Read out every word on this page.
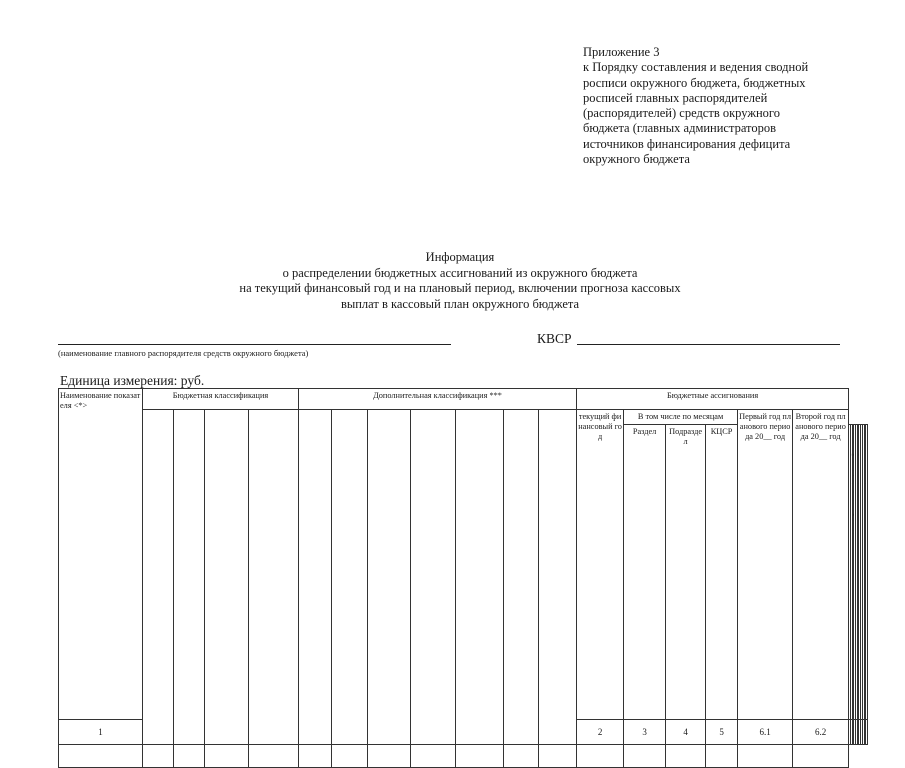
Приложение 3
к Порядку составления и ведения сводной
росписи окружного бюджета, бюджетных
росписей главных распорядителей
(распорядителей) средств окружного
бюджета (главных администраторов
источников финансирования дефицита
окружного бюджета
Информация
о распределении бюджетных ассигнований из окружного бюджета
на текущий финансовый год и на плановый период, включении прогноза кассовых
выплат в кассовый план окружного бюджета
КВСР
(наименование главного распорядителя средств окружного бюджета)
Единица измерения: руб.
Наименование показателя <*>	Бюджетная классификация				Дополнительная классификация ***							Бюджетные ассигнования													
												текущий финансовый год	В том числе по месяцам			Первый год планового периода 20__ год	Второй год планового периода 20__ год								
													Раздел	Подраздел	КЦСР											
1												2	3	4	5	6.1	6.2											
